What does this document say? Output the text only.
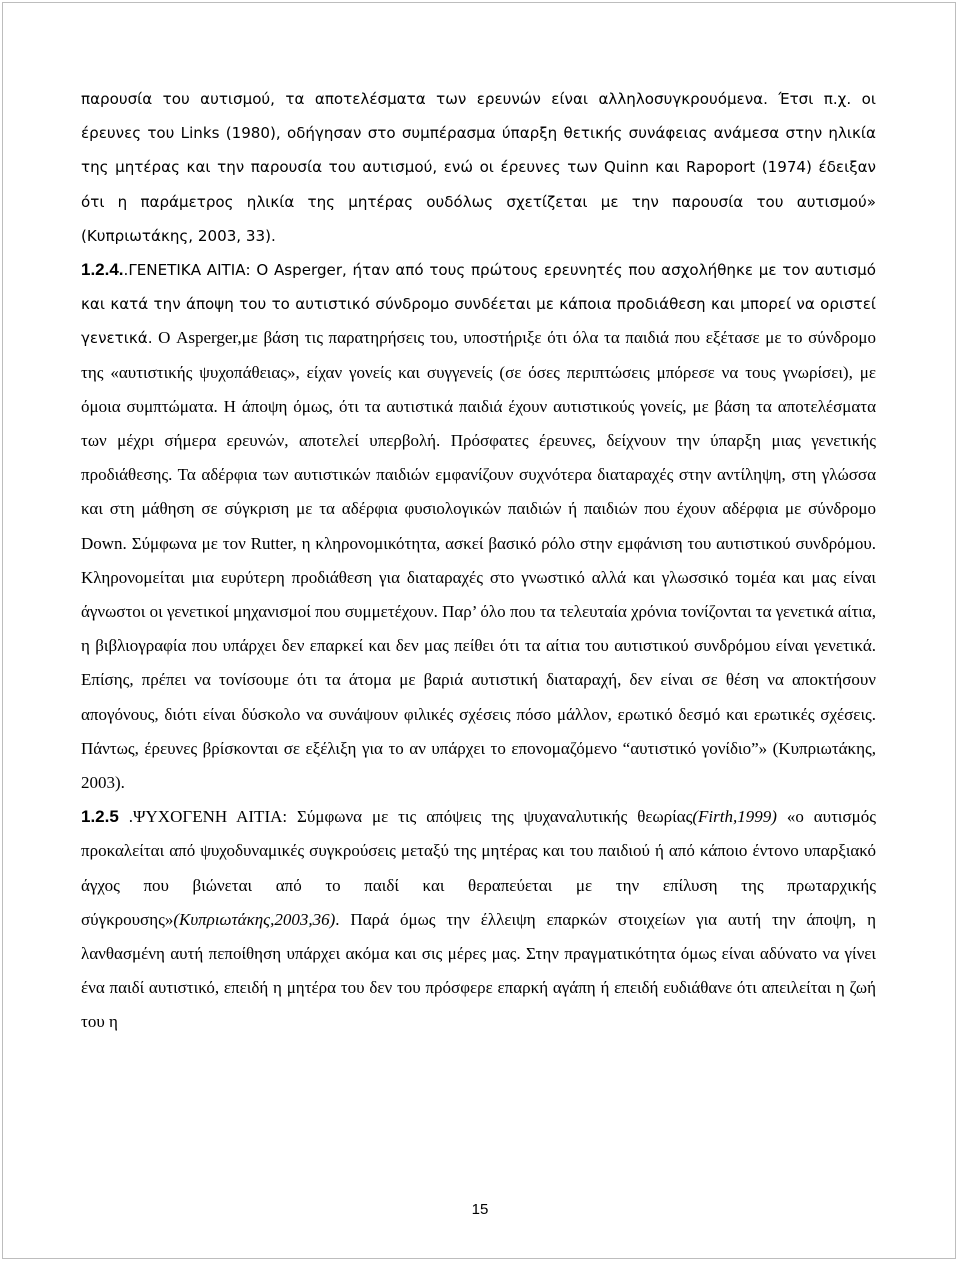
παρουσία του αυτισμού, τα αποτελέσματα των ερευνών είναι αλληλοσυγκρουόμενα. Έτσι π.χ. οι έρευνες του Links (1980), οδήγησαν στο συμπέρασμα ύπαρξη θετικής συνάφειας ανάμεσα στην ηλικία της μητέρας και την παρουσία του αυτισμού, ενώ οι έρευνες των Quinn και Rapoport (1974) έδειξαν ότι η παράμετρος ηλικία της μητέρας ουδόλως σχετίζεται με την παρουσία του αυτισμού» (Κυπριωτάκης, 2003, 33).

1.2.4..ΓΕΝΕΤΙΚΑ ΑΙΤΙΑ: Ο Asperger, ήταν από τους πρώτους ερευνητές που ασχολήθηκε με τον αυτισμό και κατά την άποψη του το αυτιστικό σύνδρομο συνδέεται με κάποια προδιάθεση και μπορεί να οριστεί γενετικά. Ο Asperger,με βάση τις παρατηρήσεις του, υποστήριξε ότι όλα τα παιδιά που εξέτασε με το σύνδρομο της «αυτιστικής ψυχοπάθειας», είχαν γονείς και συγγενείς (σε όσες περιπτώσεις μπόρεσε να τους γνωρίσει), με όμοια συμπτώματα. Η άποψη όμως, ότι τα αυτιστικά παιδιά έχουν αυτιστικούς γονείς, με βάση τα αποτελέσματα των μέχρι σήμερα ερευνών, αποτελεί υπερβολή. Πρόσφατες έρευνες, δείχνουν την ύπαρξη μιας γενετικής προδιάθεσης. Τα αδέρφια των αυτιστικών παιδιών εμφανίζουν συχνότερα διαταραχές στην αντίληψη, στη γλώσσα και στη μάθηση σε σύγκριση με τα αδέρφια φυσιολογικών παιδιών ή παιδιών που έχουν αδέρφια με σύνδρομο Down. Σύμφωνα με τον Rutter, η κληρονομικότητα, ασκεί βασικό ρόλο στην εμφάνιση του αυτιστικού συνδρόμου. Κληρονομείται μια ευρύτερη προδιάθεση για διαταραχές στο γνωστικό αλλά και γλωσσικό τομέα και μας είναι άγνωστοι οι γενετικοί μηχανισμοί που συμμετέχουν. Παρ’ όλο που τα τελευταία χρόνια τονίζονται τα γενετικά αίτια, η βιβλιογραφία που υπάρχει δεν επαρκεί και δεν μας πείθει ότι τα αίτια του αυτιστικού συνδρόμου είναι γενετικά. Επίσης, πρέπει να τονίσουμε ότι τα άτομα με βαριά αυτιστική διαταραχή, δεν είναι σε θέση να αποκτήσουν απογόνους, διότι είναι δύσκολο να συνάψουν φιλικές σχέσεις πόσο μάλλον, ερωτικό δεσμό και ερωτικές σχέσεις. Πάντως, έρευνες βρίσκονται σε εξέλιξη για το αν υπάρχει το επονομαζόμενο “αυτιστικό γονίδιο”» (Κυπριωτάκης, 2003).

1.2.5 .ΨΥΧΟΓΕΝΗ ΑΙΤΙΑ: Σύμφωνα με τις απόψεις της ψυχαναλυτικής θεωρίας(Firth,1999) «ο αυτισμός προκαλείται από ψυχοδυναμικές συγκρούσεις μεταξύ της μητέρας και του παιδιού ή από κάποιο έντονο υπαρξιακό άγχος που βιώνεται από το παιδί και θεραπεύεται με την επίλυση της πρωταρχικής σύγκρουσης»(Κυπριωτάκης,2003,36). Παρά όμως την έλλειψη επαρκών στοιχείων για αυτή την άποψη, η λανθασμένη αυτή πεποίθηση υπάρχει ακόμα και σις μέρες μας. Στην πραγματικότητα όμως είναι αδύνατο να γίνει ένα παιδί αυτιστικό, επειδή η μητέρα του δεν του πρόσφερε επαρκή αγάπη ή επειδή ευδιάθανε ότι απειλείται η ζωή του η

15
